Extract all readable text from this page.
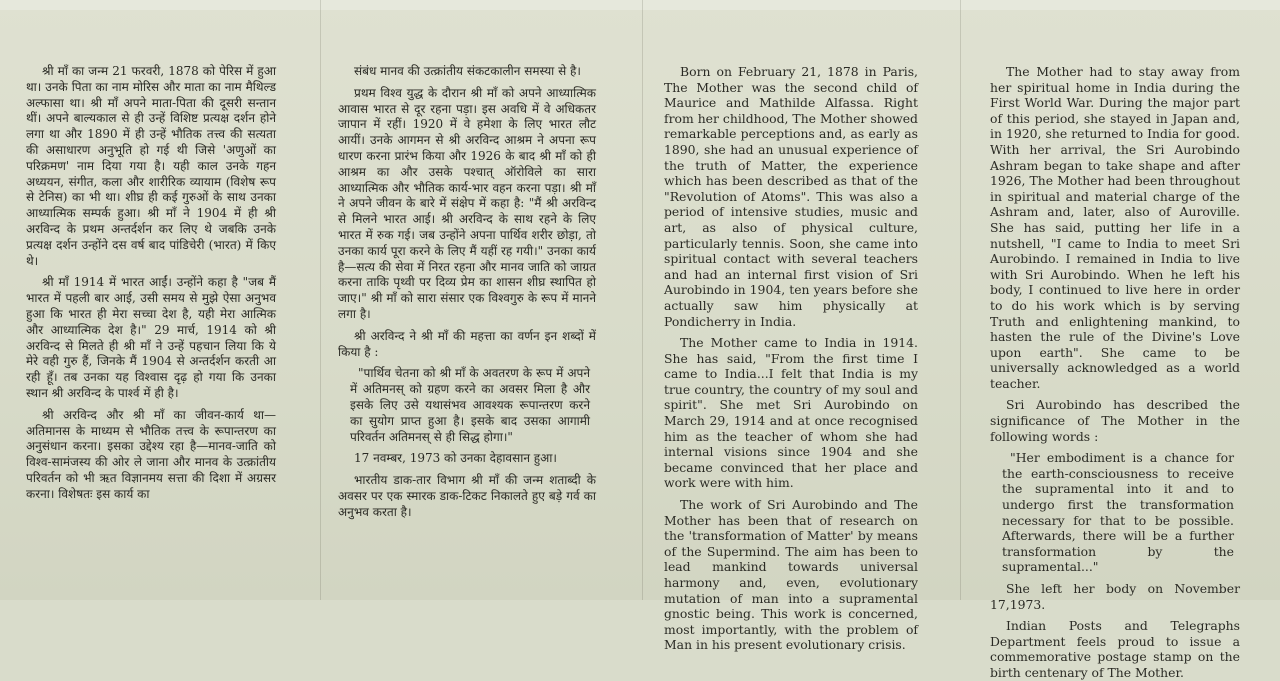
श्री माँ का जन्म 21 फरवरी, 1878 को पेरिस में हुआ था। उनके पिता का नाम मोरिस और माता का नाम मैथिल्ड अल्फासा था। श्री माँ अपने माता-पिता की दूसरी सन्तान थीं। अपने बाल्यकाल से ही उन्हें विशिष्ट प्रत्यक्ष दर्शन होने लगा था और 1890 में ही उन्हें भौतिक तत्त्व की सत्यता की असाधारण अनुभूति हो गई थी जिसे 'अणुओं का परिक्रमण' नाम दिया गया है। यही काल उनके गहन अध्ययन, संगीत, कला और शारीरिक व्यायाम (विशेष रूप से टेनिस) का भी था। शीघ्र ही कई गुरुओं के साथ उनका आध्यात्मिक सम्पर्क हुआ। श्री माँ ने 1904 में ही श्री अरविन्द के प्रथम अन्तर्दर्शन कर लिए थे जबकि उनके प्रत्यक्ष दर्शन उन्होंने दस वर्ष बाद पांडिचेरी (भारत) में किए थे।

श्री माँ 1914 में भारत आईं। उन्होंने कहा है "जब मैं भारत में पहली बार आई, उसी समय से मुझे ऐसा अनुभव हुआ कि भारत ही मेरा सच्चा देश है, यही मेरा आत्मिक और आध्यात्मिक देश है।" 29 मार्च, 1914 को श्री अरविन्द से मिलते ही श्री माँ ने उन्हें पहचान लिया कि ये मेरे वही गुरु हैं, जिनके मैं 1904 से अन्तर्दर्शन करती आ रही हूँ। तब उनका यह विश्वास दृढ़ हो गया कि उनका स्थान श्री अरविन्द के पार्श्व में ही है।

श्री अरविन्द और श्री माँ का जीवन-कार्य था—अतिमानस के माध्यम से भौतिक तत्त्व के रूपान्तरण का अनुसंधान करना। इसका उद्देश्य रहा है—मानव-जाति को विश्व-सामंजस्य की ओर ले जाना और मानव के उत्क्रांतीय परिवर्तन को भी ऋत विज्ञानमय सत्ता की दिशा में अग्रसर करना। विशेषतः इस कार्य का

संबंध मानव की उत्क्रांतीय संकटकालीन समस्या से है।

प्रथम विश्व युद्ध के दौरान श्री माँ को अपने आध्यात्मिक आवास भारत से दूर रहना पड़ा। इस अवधि में वे अधिकतर जापान में रहीं। 1920 में वे हमेशा के लिए भारत लौट आयीं। उनके आगमन से श्री अरविन्द आश्रम ने अपना रूप धारण करना प्रारंभ किया और 1926 के बाद श्री माँ को ही आश्रम का और उसके पश्चात् ऑरोविले का सारा आध्यात्मिक और भौतिक कार्य-भार वहन करना पड़ा। श्री माँ ने अपने जीवन के बारे में संक्षेप में कहा है: "मैं श्री अरविन्द से मिलने भारत आई। श्री अरविन्द के साथ रहने के लिए भारत में रुक गई। जब उन्होंने अपना पार्थिव शरीर छोड़ा, तो उनका कार्य पूरा करने के लिए मैं यहीं रह गयी।" उनका कार्य है—सत्य की सेवा में निरत रहना और मानव जाति को जाग्रत करना ताकि पृथ्वी पर दिव्य प्रेम का शासन शीघ्र स्थापित हो जाए।" श्री माँ को सारा संसार एक विश्वगुरु के रूप में मानने लगा है।

श्री अरविन्द ने श्री माँ की महत्ता का वर्णन इन शब्दों में किया है :

"पार्थिव चेतना को श्री माँ के अवतरण के रूप में अपने में अतिमनस् को ग्रहण करने का अवसर मिला है और इसके लिए उसे यथासंभव आवश्यक रूपान्तरण करने का सुयोग प्राप्त हुआ है। इसके बाद उसका आगामी परिवर्तन अतिमनस् से ही सिद्ध होगा।"

17 नवम्बर, 1973 को उनका देहावसान हुआ।

भारतीय डाक-तार विभाग श्री माँ की जन्म शताब्दी के अवसर पर एक स्मारक डाक-टिकट निकालते हुए बड़े गर्व का अनुभव करता है।

Born on February 21, 1878 in Paris, The Mother was the second child of Maurice and Mathilde Alfassa. Right from her childhood, The Mother showed remarkable perceptions and, as early as 1890, she had an unusual experience of the truth of Matter, the experience which has been described as that of the "Revolution of Atoms". This was also a period of intensive studies, music and art, as also of physical culture, particularly tennis. Soon, she came into spiritual contact with several teachers and had an internal first vision of Sri Aurobindo in 1904, ten years before she actually saw him physically at Pondicherry in India.

The Mother came to India in 1914. She has said, "From the first time I came to India...I felt that India is my true country, the country of my soul and spirit". She met Sri Aurobindo on March 29, 1914 and at once recognised him as the teacher of whom she had internal visions since 1904 and she became convinced that her place and work were with him.

The work of Sri Aurobindo and The Mother has been that of research on the 'transformation of Matter' by means of the Supermind. The aim has been to lead mankind towards universal harmony and, even, evolutionary mutation of man into a supramental gnostic being. This work is concerned, most importantly, with the problem of Man in his present evolutionary crisis.

The Mother had to stay away from her spiritual home in India during the First World War. During the major part of this period, she stayed in Japan and, in 1920, she returned to India for good. With her arrival, the Sri Aurobindo Ashram began to take shape and after 1926, The Mother had been throughout in spiritual and material charge of the Ashram and, later, also of Auroville. She has said, putting her life in a nutshell, "I came to India to meet Sri Aurobindo. I remained in India to live with Sri Aurobindo. When he left his body, I continued to live here in order to do his work which is by serving Truth and enlightening mankind, to hasten the rule of the Divine's Love upon earth". She came to be universally acknowledged as a world teacher.

Sri Aurobindo has described the significance of The Mother in the following words :

"Her embodiment is a chance for the earth-consciousness to receive the supramental into it and to undergo first the transformation necessary for that to be possible. Afterwards, there will be a further transformation by the supramental..."

She left her body on November 17,1973.

Indian Posts and Telegraphs Department feels proud to issue a commemorative postage stamp on the birth centenary of The Mother.
